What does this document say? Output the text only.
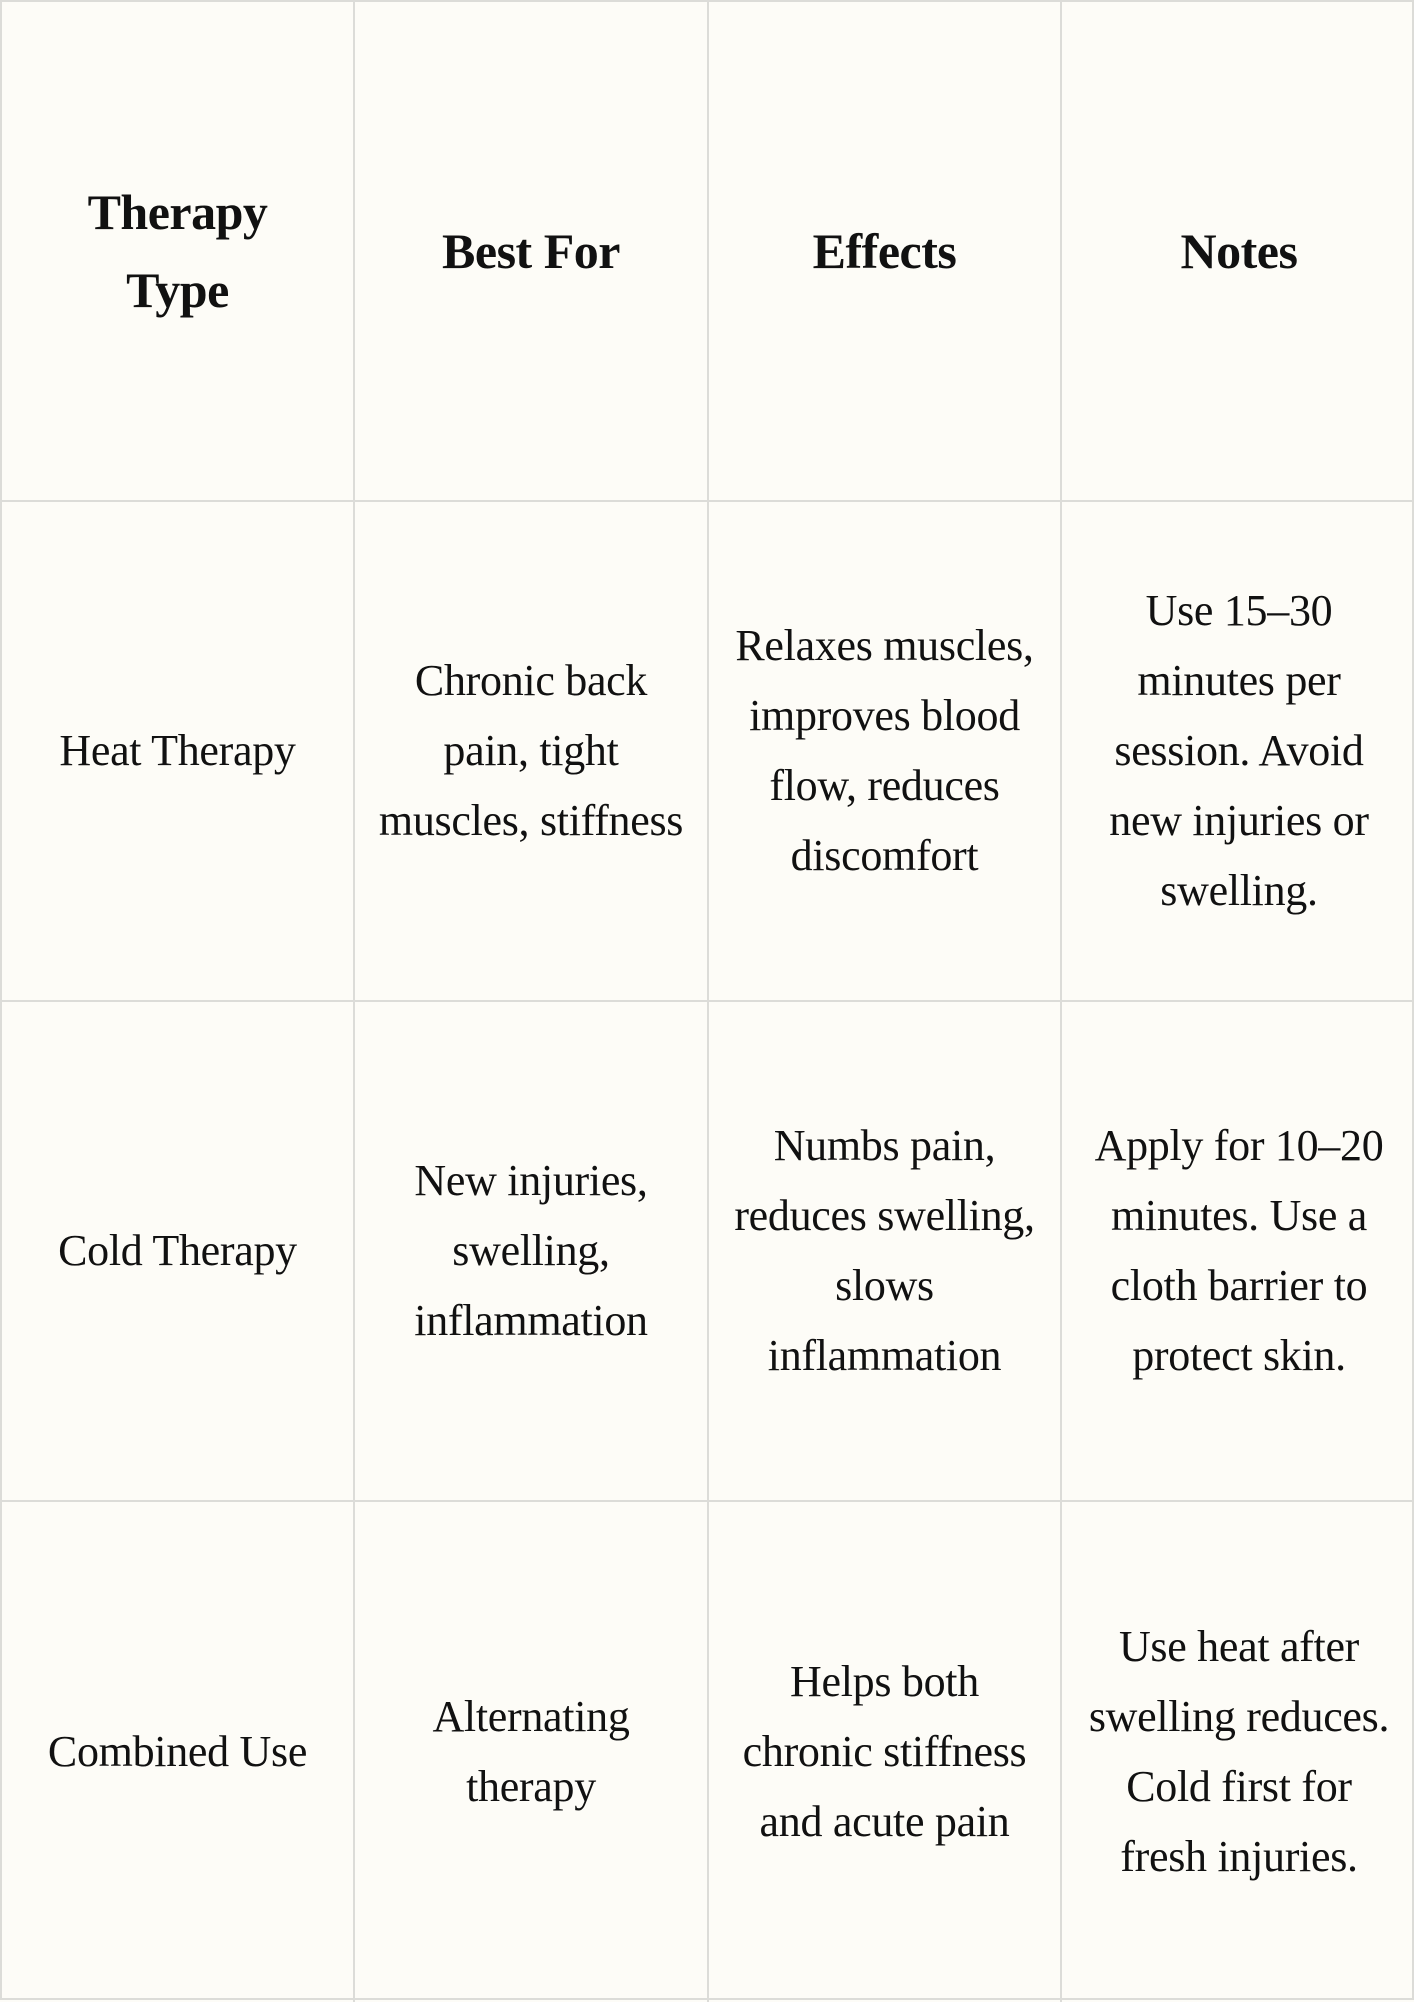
Therapy
Type
Best For	Effects	Notes
Heat Therapy
Chronic back
pain, tight
muscles, stiffness
Relaxes muscles,
improves blood
flow, reduces
discomfort
Use 15–30
minutes per
session. Avoid
new injuries or
swelling.
Cold Therapy
New injuries,
swelling,
inflammation
Numbs pain,
reduces swelling,
slows
inflammation
Apply for 10–20
minutes. Use a
cloth barrier to
protect skin.
Combined Use
Alternating
therapy
Helps both
chronic stiffness
and acute pain
Use heat after
swelling reduces.
Cold first for
fresh injuries.
